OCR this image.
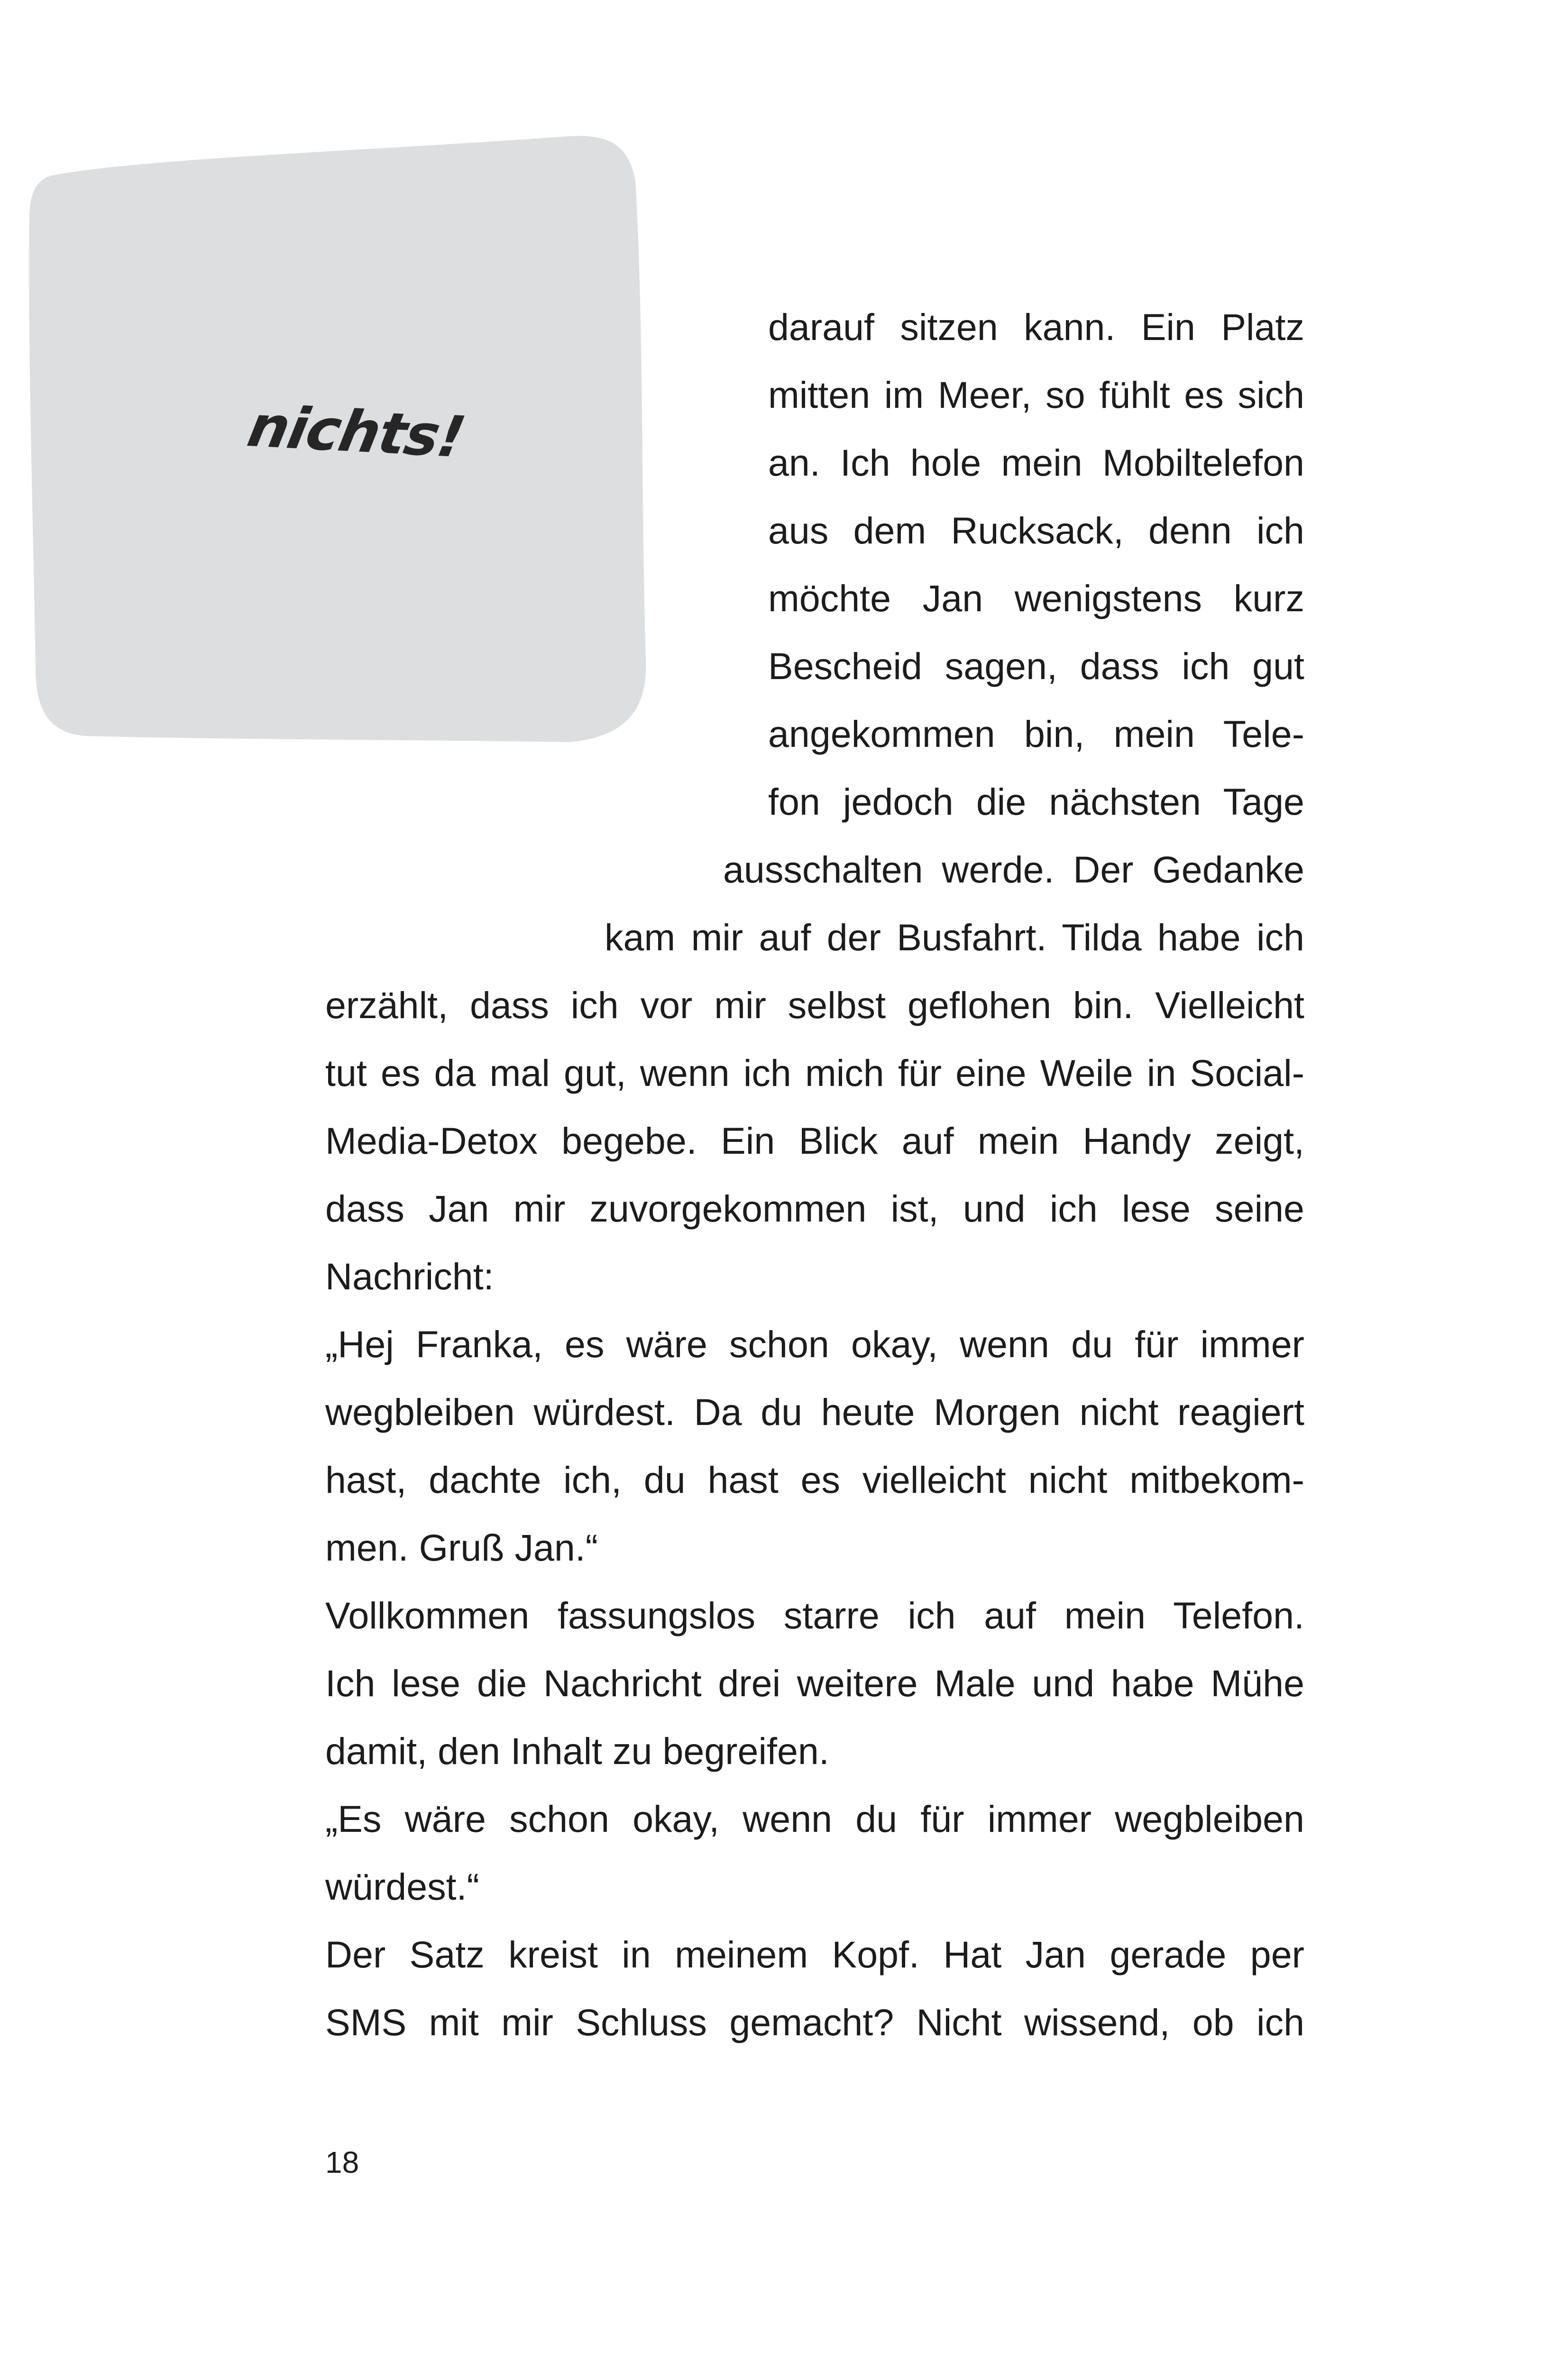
nichts!
darauf sitzen kann. Ein Platz
mitten im Meer, so fühlt es sich
an. Ich hole mein Mobiltelefon
aus dem Rucksack, denn ich
möchte Jan wenigstens kurz
Bescheid sagen, dass ich gut
angekommen bin, mein Tele-
fon jedoch die nächsten Tage
ausschalten werde. Der Gedanke
kam mir auf der Busfahrt. Tilda habe ich
erzählt, dass ich vor mir selbst geflohen bin. Vielleicht
tut es da mal gut, wenn ich mich für eine Weile in Social-
Media-Detox begebe. Ein Blick auf mein Handy zeigt,
dass Jan mir zuvorgekommen ist, und ich lese seine
Nachricht:
„Hej Franka, es wäre schon okay, wenn du für immer
wegbleiben würdest. Da du heute Morgen nicht reagiert
hast, dachte ich, du hast es vielleicht nicht mitbekom-
men. Gruß Jan.“
Vollkommen fassungslos starre ich auf mein Telefon.
Ich lese die Nachricht drei weitere Male und habe Mühe
damit, den Inhalt zu begreifen.
„Es wäre schon okay, wenn du für immer wegbleiben
würdest.“
Der Satz kreist in meinem Kopf. Hat Jan gerade per
SMS mit mir Schluss gemacht? Nicht wissend, ob ich
18
